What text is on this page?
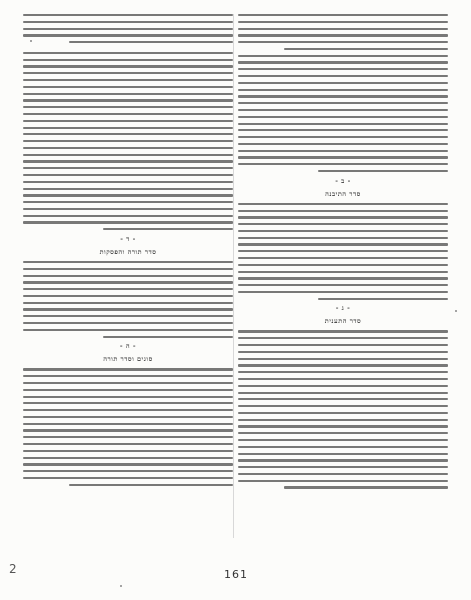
- ב -
סדר התיבנה
- ג -
סדר התענית
- ד -
סדר תורה והפסקות
- ה -
סוגים וסדר תורה
2	161
